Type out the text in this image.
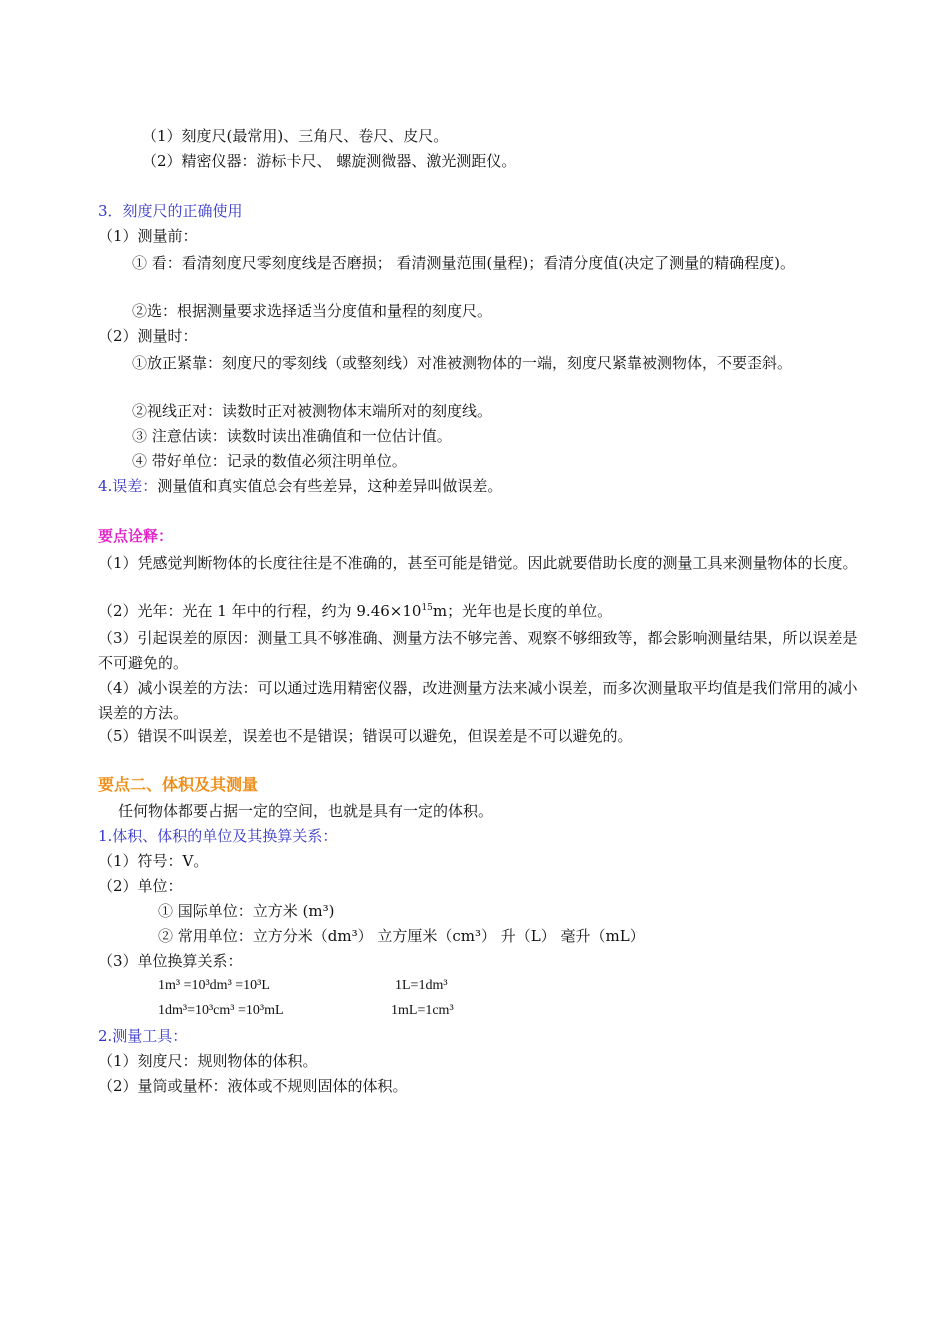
（1）刻度尺(最常用)、三角尺、卷尺、皮尺。
（2）精密仪器：游标卡尺、 螺旋测微器、激光测距仪。
3．刻度尺的正确使用
（1）测量前：
① 看：看清刻度尺零刻度线是否磨损； 看清测量范围(量程)；看清分度值(决定了测量的精确程度)。
②选：根据测量要求选择适当分度值和量程的刻度尺。
（2）测量时：
①放正紧靠：刻度尺的零刻线（或整刻线）对准被测物体的一端，刻度尺紧靠被测物体，不要歪斜。
②视线正对：读数时正对被测物体末端所对的刻度线。
③ 注意估读：读数时读出准确值和一位估计值。
④ 带好单位：记录的数值必须注明单位。
4.误差：测量值和真实值总会有些差异，这种差异叫做误差。
要点诠释：
（1）凭感觉判断物体的长度往往是不准确的，甚至可能是错觉。因此就要借助长度的测量工具来测量物体的长度。
（2）光年：光在 1 年中的行程，约为 $9.46\times 10^{15}m$；光年也是长度的单位。
（3）引起误差的原因：测量工具不够准确、测量方法不够完善、观察不够细致等，都会影响测量结果，所以误差是不可避免的。
（4）减小误差的方法：可以通过选用精密仪器，改进测量方法来减小误差，而多次测量取平均值是我们常用的减小误差的方法。
（5）错误不叫误差，误差也不是错误；错误可以避免，但误差是不可以避免的。
要点二、体积及其测量
任何物体都要占据一定的空间，也就是具有一定的体积。
1.体积、体积的单位及其换算关系：
（1）符号：V。
（2）单位：
① 国际单位：立方米 (m³)
② 常用单位：立方分米（dm³） 立方厘米（cm³） 升（L） 毫升（mL）
（3）单位换算关系：
1m³ =10³dm³ =10³L	1L=1dm³
1dm³=10³cm³ =10³mL	1mL=1cm³
2.测量工具：
（1）刻度尺：规则物体的体积。
（2）量筒或量杯：液体或不规则固体的体积。
